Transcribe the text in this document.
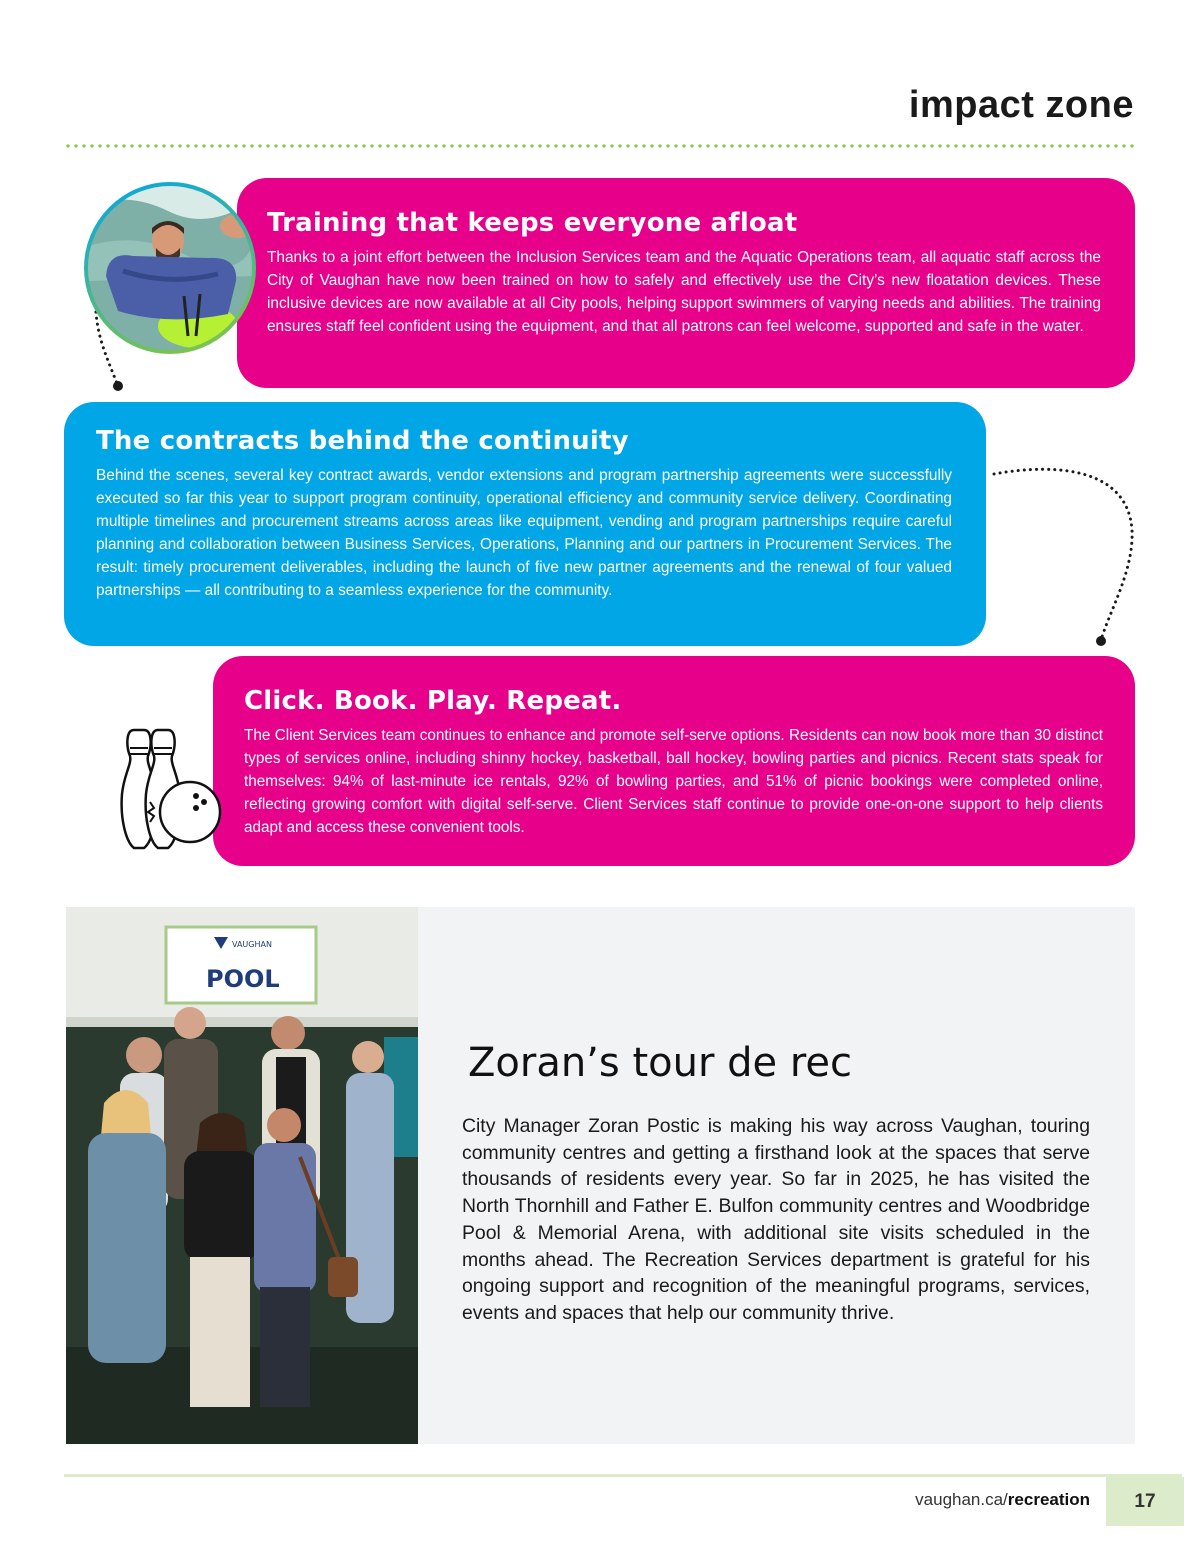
impact zone
Training that keeps everyone afloat

Thanks to a joint effort between the Inclusion Services team and the Aquatic Operations team, all aquatic staff across the City of Vaughan have now been trained on how to safely and effectively use the City’s new floatation devices. These inclusive devices are now available at all City pools, helping support swimmers of varying needs and abilities. The training ensures staff feel confident using the equipment, and that all patrons can feel welcome, supported and safe in the water.

The contracts behind the continuity

Behind the scenes, several key contract awards, vendor extensions and program partnership agreements were successfully executed so far this year to support program continuity, operational efficiency and community service delivery. Coordinating multiple timelines and procurement streams across areas like equipment, vending and program partnerships require careful planning and collaboration between Business Services, Operations, Planning and our partners in Procurement Services. The result: timely procurement deliverables, including the launch of five new partner agreements and the renewal of four valued partnerships — all contributing to a seamless experience for the community.

Click. Book. Play. Repeat.

The Client Services team continues to enhance and promote self-serve options. Residents can now book more than 30 distinct types of services online, including shinny hockey, basketball, ball hockey, bowling parties and picnics. Recent stats speak for themselves: 94% of last-minute ice rentals, 92% of bowling parties, and 51% of picnic bookings were completed online, reflecting growing comfort with digital self-serve. Client Services staff continue to provide one-on-one support to help clients adapt and access these convenient tools.

VAUGHAN
POOL
Zoran’s tour de rec

City Manager Zoran Postic is making his way across Vaughan, touring community centres and getting a firsthand look at the spaces that serve thousands of residents every year. So far in 2025, he has visited the North Thornhill and Father E. Bulfon community centres and Woodbridge Pool & Memorial Arena, with additional site visits scheduled in the months ahead. The Recreation Services department is grateful for his ongoing support and recognition of the meaningful programs, services, events and spaces that help our community thrive.

vaughan.ca/recreation	17
